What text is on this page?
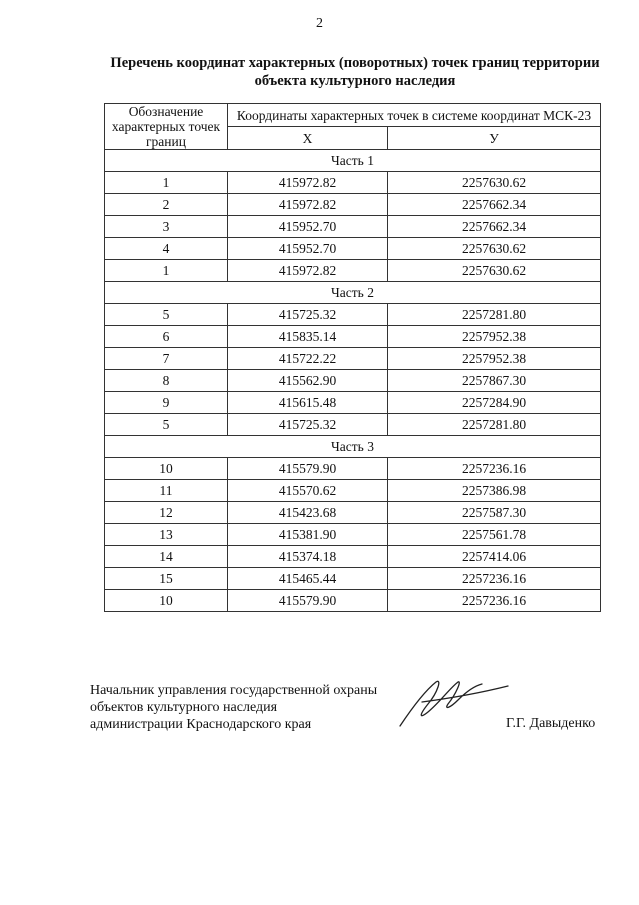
2
Перечень координат характерных (поворотных) точек границ территории
объекта культурного наследия
Обозначение характерных точек границ	Координаты характерных точек в системе координат МСК-23	
	Х	У
Часть 1		
1	415972.82	2257630.62
2	415972.82	2257662.34
3	415952.70	2257662.34
4	415952.70	2257630.62
1	415972.82	2257630.62
Часть 2		
5	415725.32	2257281.80
6	415835.14	2257952.38
7	415722.22	2257952.38
8	415562.90	2257867.30
9	415615.48	2257284.90
5	415725.32	2257281.80
Часть 3		
10	415579.90	2257236.16
11	415570.62	2257386.98
12	415423.68	2257587.30
13	415381.90	2257561.78
14	415374.18	2257414.06
15	415465.44	2257236.16
10	415579.90	2257236.16
Начальник управления государственной охраны
объектов культурного наследия
администрации Краснодарского края	Г.Г. Давыденко
